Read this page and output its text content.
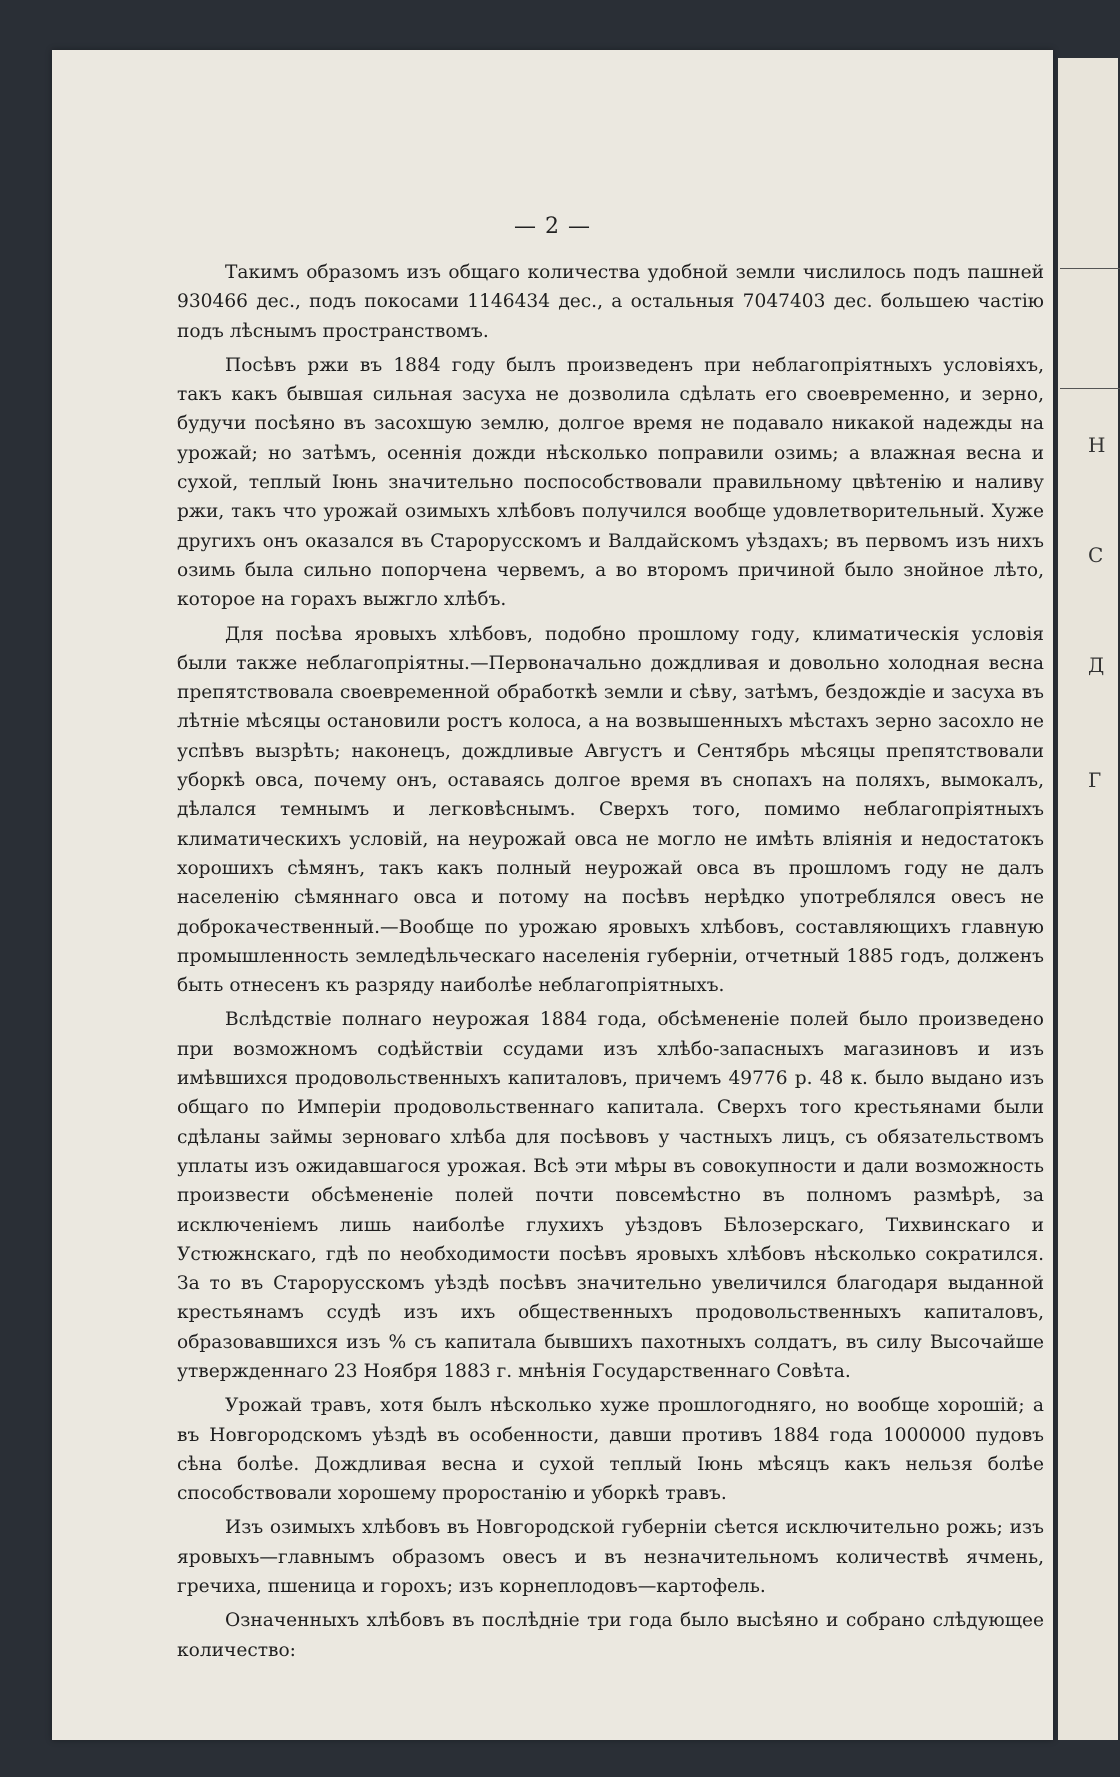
Н
С
Д
Г
— 2 —

Такимъ образомъ изъ общаго количества удобной земли числилось подъ пашней 930466 дес., подъ покосами 1146434 дес., а остальныя 7047403 дес. большею частію подъ лѣснымъ пространствомъ.

Посѣвъ ржи въ 1884 году былъ произведенъ при неблагопріятныхъ условіяхъ, такъ какъ бывшая сильная засуха не дозволила сдѣлать его своевременно, и зерно, будучи посѣяно въ засохшую землю, долгое время не подавало никакой надежды на урожай; но затѣмъ, осеннія дожди нѣсколько поправили озимь; а влажная весна и сухой, теплый Іюнь значительно поспособствовали правильному цвѣтенію и наливу ржи, такъ что урожай озимыхъ хлѣбовъ получился вообще удовлетворительный. Хуже другихъ онъ оказался въ Старорусскомъ и Валдайскомъ уѣздахъ; въ первомъ изъ нихъ озимь была сильно попорчена червемъ, а во второмъ причиной было знойное лѣто, которое на горахъ выжгло хлѣбъ.

Для посѣва яровыхъ хлѣбовъ, подобно прошлому году, климатическія условія были также неблагопріятны.—Первоначально дождливая и довольно холодная весна препятствовала своевременной обработкѣ земли и сѣву, затѣмъ, бездождіе и засуха въ лѣтніе мѣсяцы остановили ростъ колоса, а на возвышенныхъ мѣстахъ зерно засохло не успѣвъ вызрѣть; наконецъ, дождливые Августъ и Сентябрь мѣсяцы препятствовали уборкѣ овса, почему онъ, оставаясь долгое время въ снопахъ на поляхъ, вымокалъ, дѣлался темнымъ и легковѣснымъ. Сверхъ того, помимо неблагопріятныхъ климатическихъ условій, на неурожай овса не могло не имѣть вліянія и недостатокъ хорошихъ сѣмянъ, такъ какъ полный неурожай овса въ прошломъ году не далъ населенію сѣмяннаго овса и потому на посѣвъ нерѣдко употреблялся овесъ не доброкачественный.—Вообще по урожаю яровыхъ хлѣбовъ, составляющихъ главную промышленность земледѣльческаго населенія губерніи, отчетный 1885 годъ, долженъ быть отнесенъ къ разряду наиболѣе неблагопріятныхъ.

Вслѣдствіе полнаго неурожая 1884 года, обсѣмененіе полей было произведено при возможномъ содѣйствіи ссудами изъ хлѣбо-запасныхъ магазиновъ и изъ имѣвшихся продовольственныхъ капиталовъ, причемъ 49776 р. 48 к. было выдано изъ общаго по Имперіи продовольственнаго капитала. Сверхъ того крестьянами были сдѣланы займы зерноваго хлѣба для посѣвовъ у частныхъ лицъ, съ обязательствомъ уплаты изъ ожидавшагося урожая. Всѣ эти мѣры въ совокупности и дали возможность произвести обсѣмененіе полей почти повсемѣстно въ полномъ размѣрѣ, за исключеніемъ лишь наиболѣе глухихъ уѣздовъ Бѣлозерскаго, Тихвинскаго и Устюжнскаго, гдѣ по необходимости посѣвъ яровыхъ хлѣбовъ нѣсколько сократился. За то въ Старорусскомъ уѣздѣ посѣвъ значительно увеличился благодаря выданной крестьянамъ ссудѣ изъ ихъ общественныхъ продовольственныхъ капиталовъ, образовавшихся изъ % съ капитала бывшихъ пахотныхъ солдатъ, въ силу Высочайше утвержденнаго 23 Ноября 1883 г. мнѣнія Государственнаго Совѣта.

Урожай травъ, хотя былъ нѣсколько хуже прошлогодняго, но вообще хорошій; а въ Новгородскомъ уѣздѣ въ особенности, давши противъ 1884 года 1000000 пудовъ сѣна болѣе. Дождливая весна и сухой теплый Іюнь мѣсяцъ какъ нельзя болѣе способствовали хорошему проростанію и уборкѣ травъ.

Изъ озимыхъ хлѣбовъ въ Новгородской губерніи сѣется исключительно рожь; изъ яровыхъ—главнымъ образомъ овесъ и въ незначительномъ количествѣ ячмень, гречиха, пшеница и горохъ; изъ корнеплодовъ—картофель.

Означенныхъ хлѣбовъ въ послѣдніе три года было высѣяно и собрано слѣдующее количество:
